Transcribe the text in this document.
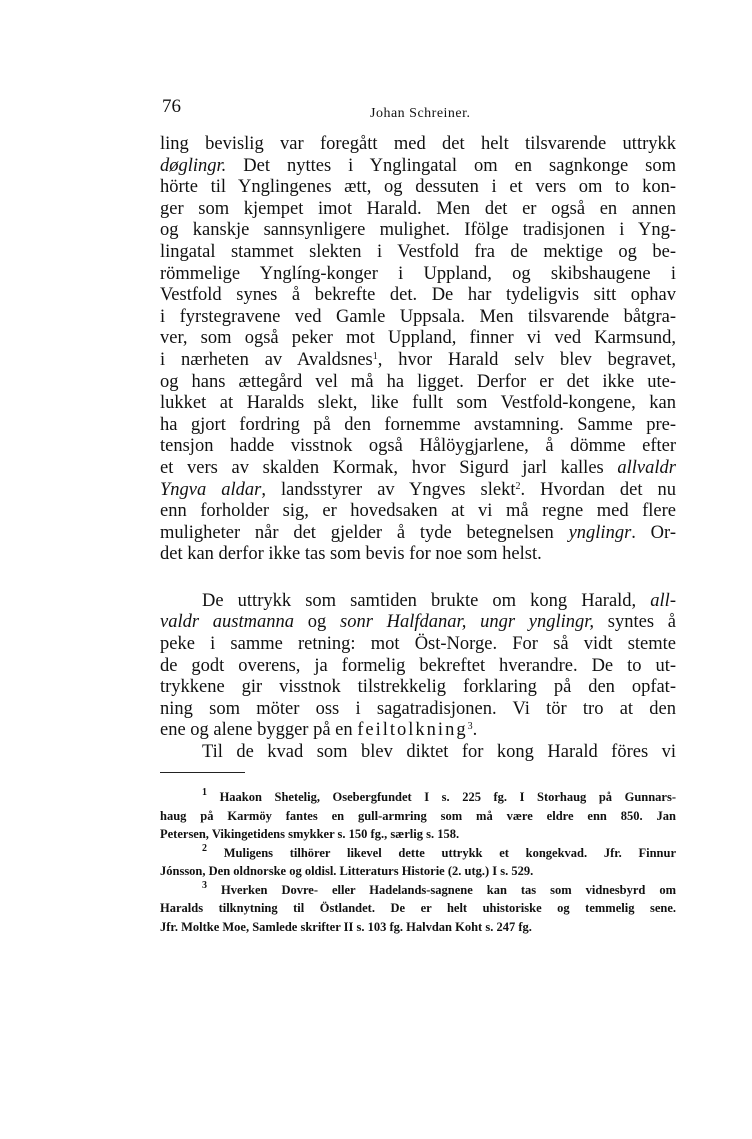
76	Johan Schreiner.
ling bevislig var foregått med det helt tilsvarende uttrykk
døglingr. Det nyttes i Ynglingatal om en sagnkonge som
hörte til Ynglingenes ætt, og dessuten i et vers om to kon-
ger som kjempet imot Harald. Men det er også en annen
og kanskje sannsynligere mulighet. Ifölge tradisjonen i Yng-
lingatal stammet slekten i Vestfold fra de mektige og be-
römmelige Ynglíng-konger i Uppland, og skibshaugene i
Vestfold synes å bekrefte det. De har tydeligvis sitt ophav
i fyrstegravene ved Gamle Uppsala. Men tilsvarende båtgra-
ver, som også peker mot Uppland, finner vi ved Karmsund,
i nærheten av Avaldsnes$^1$, hvor Harald selv blev begravet,
og hans ættegård vel må ha ligget. Derfor er det ikke ute-
lukket at Haralds slekt, like fullt som Vestfold-kongene, kan
ha gjort fordring på den fornemme avstamning. Samme pre-
tensjon hadde visstnok også Hålöygjarlene, å dömme efter
et vers av skalden Kormak, hvor Sigurd jarl kalles allvaldr
Yngva aldar, landsstyrer av Yngves slekt$^2$. Hvordan det nu
enn forholder sig, er hovedsaken at vi må regne med flere
muligheter når det gjelder å tyde betegnelsen ynglingr. Or-
det kan derfor ikke tas som bevis for noe som helst.
De uttrykk som samtiden brukte om kong Harald, all-
valdr austmanna og sonr Halfdanar, ungr ynglingr, syntes å
peke i samme retning: mot Öst-Norge. For så vidt stemte
de godt overens, ja formelig bekreftet hverandre. De to ut-
trykkene gir visstnok tilstrekkelig forklaring på den opfat-
ning som möter oss i sagatradisjonen. Vi tör tro at den
ene og alene bygger på en feiltolkning$^3$.
Til de kvad som blev diktet for kong Harald föres vi
$^1$ Haakon Shetelig, Osebergfundet I s. 225 fg. I Storhaug på Gunnars-
haug på Karmöy fantes en gull-armring som må være eldre enn 850. Jan
Petersen, Vikingetidens smykker s. 150 fg., særlig s. 158.
$^2$ Muligens tilhörer likevel dette uttrykk et kongekvad. Jfr. Finnur
Jónsson, Den oldnorske og oldisl. Litteraturs Historie (2. utg.) I s. 529.
$^3$ Hverken Dovre- eller Hadelands-sagnene kan tas som vidnesbyrd om
Haralds tilknytning til Östlandet. De er helt uhistoriske og temmelig sene.
Jfr. Moltke Moe, Samlede skrifter II s. 103 fg. Halvdan Koht s. 247 fg.
